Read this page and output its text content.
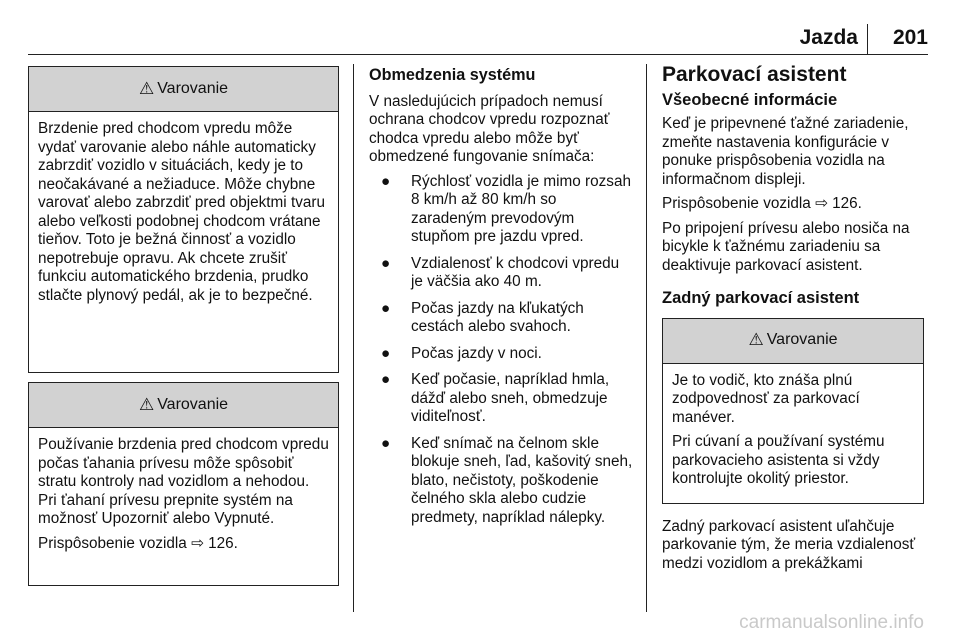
Jazda 201
⚠ Varovanie

Brzdenie pred chodcom vpredu môže vydať varovanie alebo náhle automaticky zabrzdiť vozidlo v situáciách, kedy je to neočakávané a nežiaduce. Môže chybne varovať alebo zabrzdiť pred objektmi tvaru alebo veľkosti podobnej chodcom vrátane tieňov. Toto je bežná činnosť a vozidlo nepotrebuje opravu. Ak chcete zrušiť funkciu automatického brzdenia, prudko stlačte plynový pedál, ak je to bezpečné.

⚠ Varovanie

Používanie brzdenia pred chodcom vpredu počas ťahania prívesu môže spôsobiť stratu kontroly nad vozidlom a nehodou. Pri ťahaní prívesu prepnite systém na možnosť Upozorniť alebo Vypnuté.

Prispôsobenie vozidla ⇨ 126.

Obmedzenia systému

V nasledujúcich prípadoch nemusí ochrana chodcov vpredu rozpoznať chodca vpredu alebo môže byť obmedzené fungovanie snímača:

● Rýchlosť vozidla je mimo rozsah 8 km/h až 80 km/h so zaradeným prevodovým stupňom pre jazdu vpred.
● Vzdialenosť k chodcovi vpredu je väčšia ako 40 m.
● Počas jazdy na kľukatých cestách alebo svahoch.
● Počas jazdy v noci.
● Keď počasie, napríklad hmla, dážď alebo sneh, obmedzuje viditeľnosť.
● Keď snímač na čelnom skle blokuje sneh, ľad, kašovitý sneh, blato, nečistoty, poškodenie čelného skla alebo cudzie predmety, napríklad nálepky.
Parkovací asistent
Všeobecné informácie

Keď je pripevnené ťažné zariadenie, zmeňte nastavenia konfigurácie v ponuke prispôsobenia vozidla na informačnom displeji.

Prispôsobenie vozidla ⇨ 126.

Po pripojení prívesu alebo nosiča na bicykle k ťažnému zariadeniu sa deaktivuje parkovací asistent.

Zadný parkovací asistent
⚠ Varovanie

Je to vodič, kto znáša plnú zodpovednosť za parkovací manéver.

Pri cúvaní a používaní systému parkovacieho asistenta si vždy kontrolujte okolitý priestor.

Zadný parkovací asistent uľahčuje parkovanie tým, že meria vzdialenosť medzi vozidlom a prekážkami

carmanualsonline.info
